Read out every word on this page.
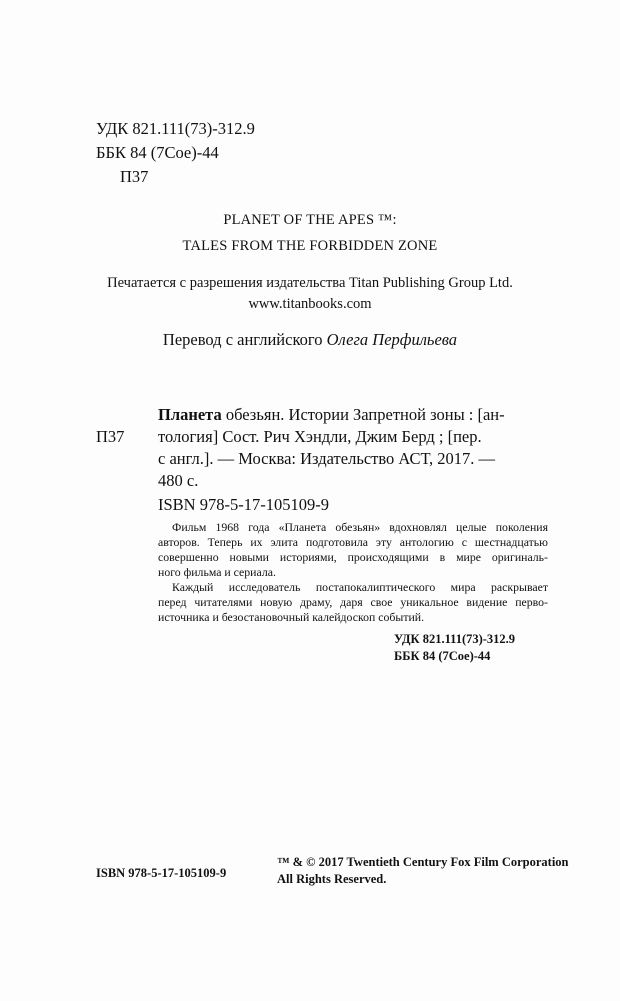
УДК 821.111(73)-312.9
ББК 84 (7Сое)-44
П37
PLANET OF THE APES ™:
TALES FROM THE FORBIDDEN ZONE
Печатается с разрешения издательства Titan Publishing Group Ltd.
www.titanbooks.com
Перевод с английского Олега Перфильева
П37
Планета обезьян. Истории Запретной зоны : [ан-
тология] Сост. Рич Хэндли, Джим Берд ; [пер.
с англ.]. — Москва: Издательство АСТ, 2017. —
480 с.
ISBN 978-5-17-105109-9

Фильм 1968 года «Планета обезьян» вдохновлял целые поколения

авторов. Теперь их элита подготовила эту антологию с шестнадцатью

совершенно новыми историями, происходящими в мире оригиналь-

ного фильма и сериала.

Каждый исследователь постапокалиптического мира раскрывает

перед читателями новую драму, даря свое уникальное видение перво-

источника и безостановочный калейдоскоп событий.

УДК 821.111(73)-312.9
ББК 84 (7Сое)-44
ISBN 978-5-17-105109-9
™ & © 2017 Twentieth Century Fox Film Corporation
All Rights Reserved.
